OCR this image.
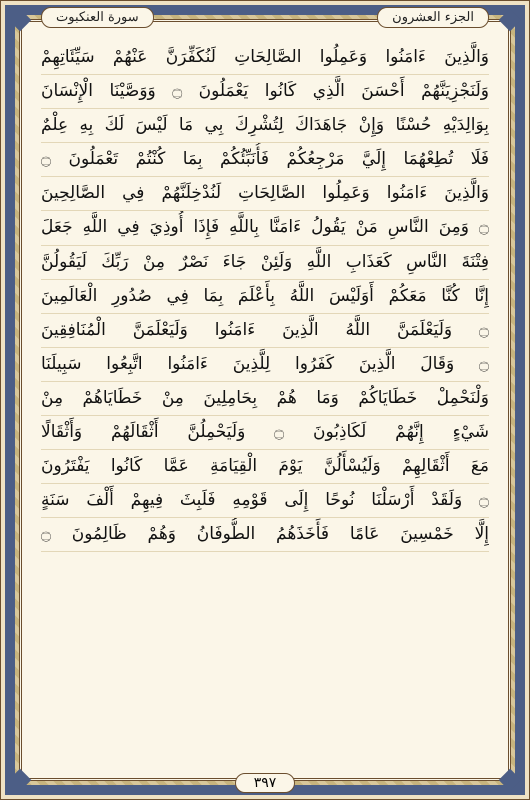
الجزء العشرون
سورة العنكبوت
وَالَّذِينَ ءَامَنُوا وَعَمِلُوا الصَّالِحَاتِ لَنُكَفِّرَنَّ عَنْهُمْ سَيِّئَاتِهِمْ
وَلَنَجْزِيَنَّهُمْ أَحْسَنَ الَّذِي كَانُوا يَعْمَلُونَ ۝ وَوَصَّيْنَا الْإِنْسَانَ
بِوَالِدَيْهِ حُسْنًا وَإِنْ جَاهَدَاكَ لِتُشْرِكَ بِي مَا لَيْسَ لَكَ بِهِ عِلْمٌ
فَلَا تُطِعْهُمَا إِلَيَّ مَرْجِعُكُمْ فَأُنَبِّئُكُمْ بِمَا كُنْتُمْ تَعْمَلُونَ ۝
وَالَّذِينَ ءَامَنُوا وَعَمِلُوا الصَّالِحَاتِ لَنُدْخِلَنَّهُمْ فِي الصَّالِحِينَ
۝ وَمِنَ النَّاسِ مَنْ يَقُولُ ءَامَنَّا بِاللَّهِ فَإِذَا أُوذِيَ فِي اللَّهِ جَعَلَ
فِتْنَةَ النَّاسِ كَعَذَابِ اللَّهِ وَلَئِنْ جَاءَ نَصْرٌ مِنْ رَبِّكَ لَيَقُولُنَّ
إِنَّا كُنَّا مَعَكُمْ أَوَلَيْسَ اللَّهُ بِأَعْلَمَ بِمَا فِي صُدُورِ الْعَالَمِينَ
۝ وَلَيَعْلَمَنَّ اللَّهُ الَّذِينَ ءَامَنُوا وَلَيَعْلَمَنَّ الْمُنَافِقِينَ
۝ وَقَالَ الَّذِينَ كَفَرُوا لِلَّذِينَ ءَامَنُوا اتَّبِعُوا سَبِيلَنَا
وَلْنَحْمِلْ خَطَايَاكُمْ وَمَا هُمْ بِحَامِلِينَ مِنْ خَطَايَاهُمْ مِنْ
شَيْءٍ إِنَّهُمْ لَكَاذِبُونَ ۝ وَلَيَحْمِلُنَّ أَثْقَالَهُمْ وَأَثْقَالًا
مَعَ أَثْقَالِهِمْ وَلَيُسْأَلُنَّ يَوْمَ الْقِيَامَةِ عَمَّا كَانُوا يَفْتَرُونَ
۝ وَلَقَدْ أَرْسَلْنَا نُوحًا إِلَى قَوْمِهِ فَلَبِثَ فِيهِمْ أَلْفَ سَنَةٍ
إِلَّا خَمْسِينَ عَامًا فَأَخَذَهُمُ الطُّوفَانُ وَهُمْ ظَالِمُونَ ۝
٣٩٧
